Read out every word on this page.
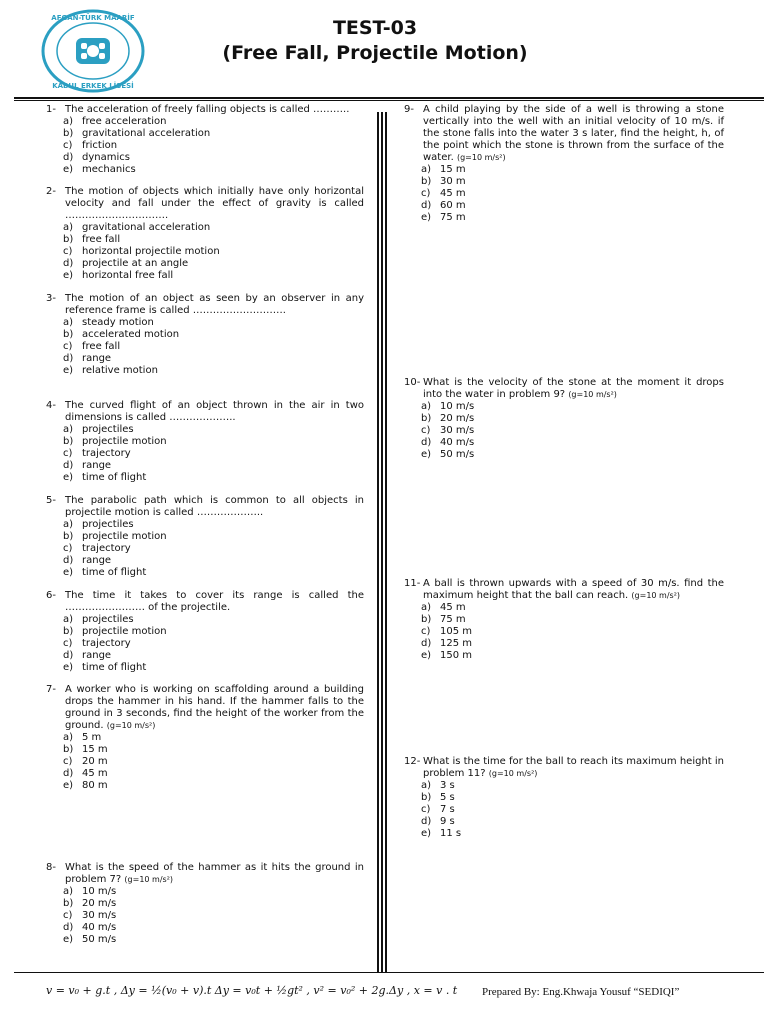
AFGAN-TÜRK MAARİF
KABUL ERKEK LİSESİ
TEST-03
(Free Fall, Projectile Motion)
1- The acceleration of freely falling objects is called ………..
a) free acceleration
b) gravitational acceleration
c) friction
d) dynamics
e) mechanics
2- The motion of objects which initially have only horizontal velocity and fall under the effect of gravity is called ………………………….
a) gravitational acceleration
b) free fall
c) horizontal projectile motion
d) projectile at an angle
e) horizontal free fall
3- The motion of an object as seen by an observer in any reference frame is called ……………………….
a) steady motion
b) accelerated motion
c) free fall
d) range
e) relative motion
4- The curved flight of an object thrown in the air in two dimensions is called ………………..
a) projectiles
b) projectile motion
c) trajectory
d) range
e) time of flight
5- The parabolic path which is common to all objects in projectile motion is called ………………..
a) projectiles
b) projectile motion
c) trajectory
d) range
e) time of flight
6- The time it takes to cover its range is called the …………………… of the projectile.
a) projectiles
b) projectile motion
c) trajectory
d) range
e) time of flight
7- A worker who is working on scaffolding around a building drops the hammer in his hand. If the hammer falls to the ground in 3 seconds, find the height of the worker from the ground. (g=10 m/s²)
a) 5 m
b) 15 m
c) 20 m
d) 45 m
e) 80 m
8- What is the speed of the hammer as it hits the ground in problem 7? (g=10 m/s²)
a) 10 m/s
b) 20 m/s
c) 30 m/s
d) 40 m/s
e) 50 m/s
9- A child playing by the side of a well is throwing a stone vertically into the well with an initial velocity of 10 m/s. if the stone falls into the water 3 s later, find the height, h, of the point which the stone is thrown from the surface of the water. (g=10 m/s²)
a) 15 m
b) 30 m
c) 45 m
d) 60 m
e) 75 m
10- What is the velocity of the stone at the moment it drops into the water in problem 9? (g=10 m/s²)
a) 10 m/s
b) 20 m/s
c) 30 m/s
d) 40 m/s
e) 50 m/s
11- A ball is thrown upwards with a speed of 30 m/s. find the maximum height that the ball can reach. (g=10 m/s²)
a) 45 m
b) 75 m
c) 105 m
d) 125 m
e) 150 m
12- What is the time for the ball to reach its maximum height in problem 11? (g=10 m/s²)
a) 3 s
b) 5 s
c) 7 s
d) 9 s
e) 11 s
v = v₀ + g.t , Δy = ½(v₀ + v).t Δy = v₀t + ½gt² , v² = v₀² + 2g.Δy , x = v . t Prepared By: Eng.Khwaja Yousuf “SEDIQI”
